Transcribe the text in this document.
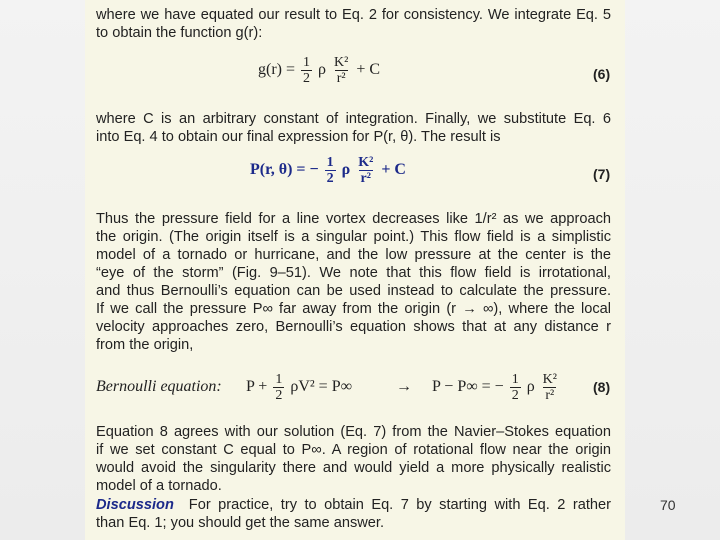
where we have equated our result to Eq. 2 for consistency. We integrate Eq. 5
to obtain the function g(r):
$g(r) = \frac{1}{2}$ ρ $\frac{\text{K²}}{\text{r²}} + C$	(6)
where C is an arbitrary constant of integration. Finally, we substitute Eq. 6
into Eq. 4 to obtain our final expression for P(r, θ). The result is
P(r, θ) = − $\frac{1}{2}$ ρ $\frac{\text{K²}}{\text{r²}} + C$	(7)
Thus the pressure field for a line vortex decreases like 1/r² as we approach
the origin. (The origin itself is a singular point.) This flow field is a simplistic
model of a tornado or hurricane, and the low pressure at the center is the
“eye of the storm” (Fig. 9–51). We note that this flow field is irrotational,
and thus Bernoulli’s equation can be used instead to calculate the pressure.
If we call the pressure P∞ far away from the origin (r → ∞), where the local
velocity approaches zero, Bernoulli’s equation shows that at any distance r
from the origin,
Bernoulli equation: $P + \frac{1}{2} \rho V^2 = P\infty$	→ P − P∞ = − $\frac{1}{2}$ ρ $\frac{\text{K²}}{\text{r²}} (8)$
Equation 8 agrees with our solution (Eq. 7) from the Navier–Stokes equation
if we set constant C equal to P∞. A region of rotational flow near the origin
would avoid the singularity there and would yield a more physically realistic
model of a tornado.
Discussion For practice, try to obtain Eq. 7 by starting with Eq. 2 rather
than Eq. 1; you should get the same answer.
70
